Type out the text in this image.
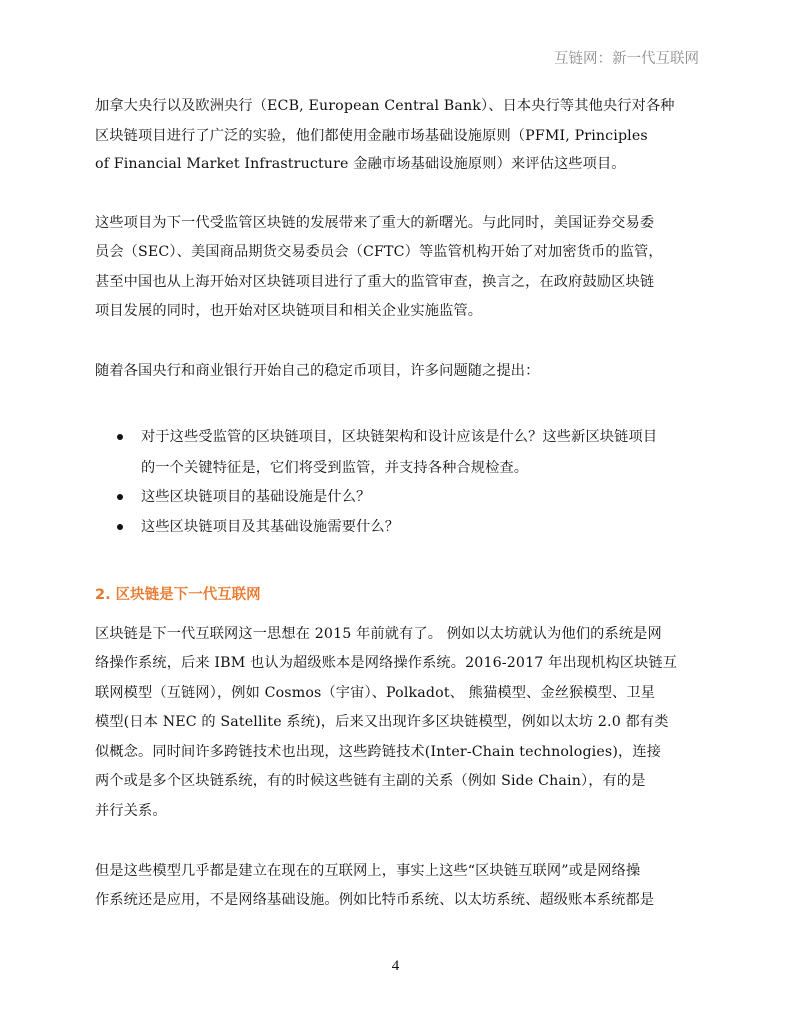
互链网：新一代互联网
加拿大央行以及欧洲央行（ECB, European Central Bank）、日本央行等其他央行对各种
区块链项目进行了广泛的实验，他们都使用金融市场基础设施原则（PFMI, Principles
of Financial Market Infrastructure 金融市场基础设施原则）来评估这些项目。
这些项目为下一代受监管区块链的发展带来了重大的新曙光。与此同时，美国证券交易委
员会（SEC）、美国商品期货交易委员会（CFTC）等监管机构开始了对加密货币的监管，
甚至中国也从上海开始对区块链项目进行了重大的监管审查，换言之，在政府鼓励区块链
项目发展的同时，也开始对区块链项目和相关企业实施监管。
随着各国央行和商业银行开始自己的稳定币项目，许多问题随之提出：
对于这些受监管的区块链项目，区块链架构和设计应该是什么？这些新区块链项目
的一个关键特征是，它们将受到监管，并支持各种合规检查。
这些区块链项目的基础设施是什么？
这些区块链项目及其基础设施需要什么？
2. 区块链是下一代互联网
区块链是下一代互联网这一思想在 2015 年前就有了。 例如以太坊就认为他们的系统是网
络操作系统，后来 IBM 也认为超级账本是网络操作系统。2016-2017 年出现机构区块链互
联网模型（互链网），例如 Cosmos（宇宙）、Polkadot、 熊猫模型、金丝猴模型、卫星
模型(日本 NEC 的 Satellite 系统)，后来又出现许多区块链模型，例如以太坊 2.0 都有类
似概念。同时间许多跨链技术也出现，这些跨链技术(Inter-Chain technologies)，连接
两个或是多个区块链系统，有的时候这些链有主副的关系（例如 Side Chain），有的是
并行关系。
但是这些模型几乎都是建立在现在的互联网上，事实上这些“区块链互联网”或是网络操
作系统还是应用，不是网络基础设施。例如比特币系统、以太坊系统、超级账本系统都是
4
